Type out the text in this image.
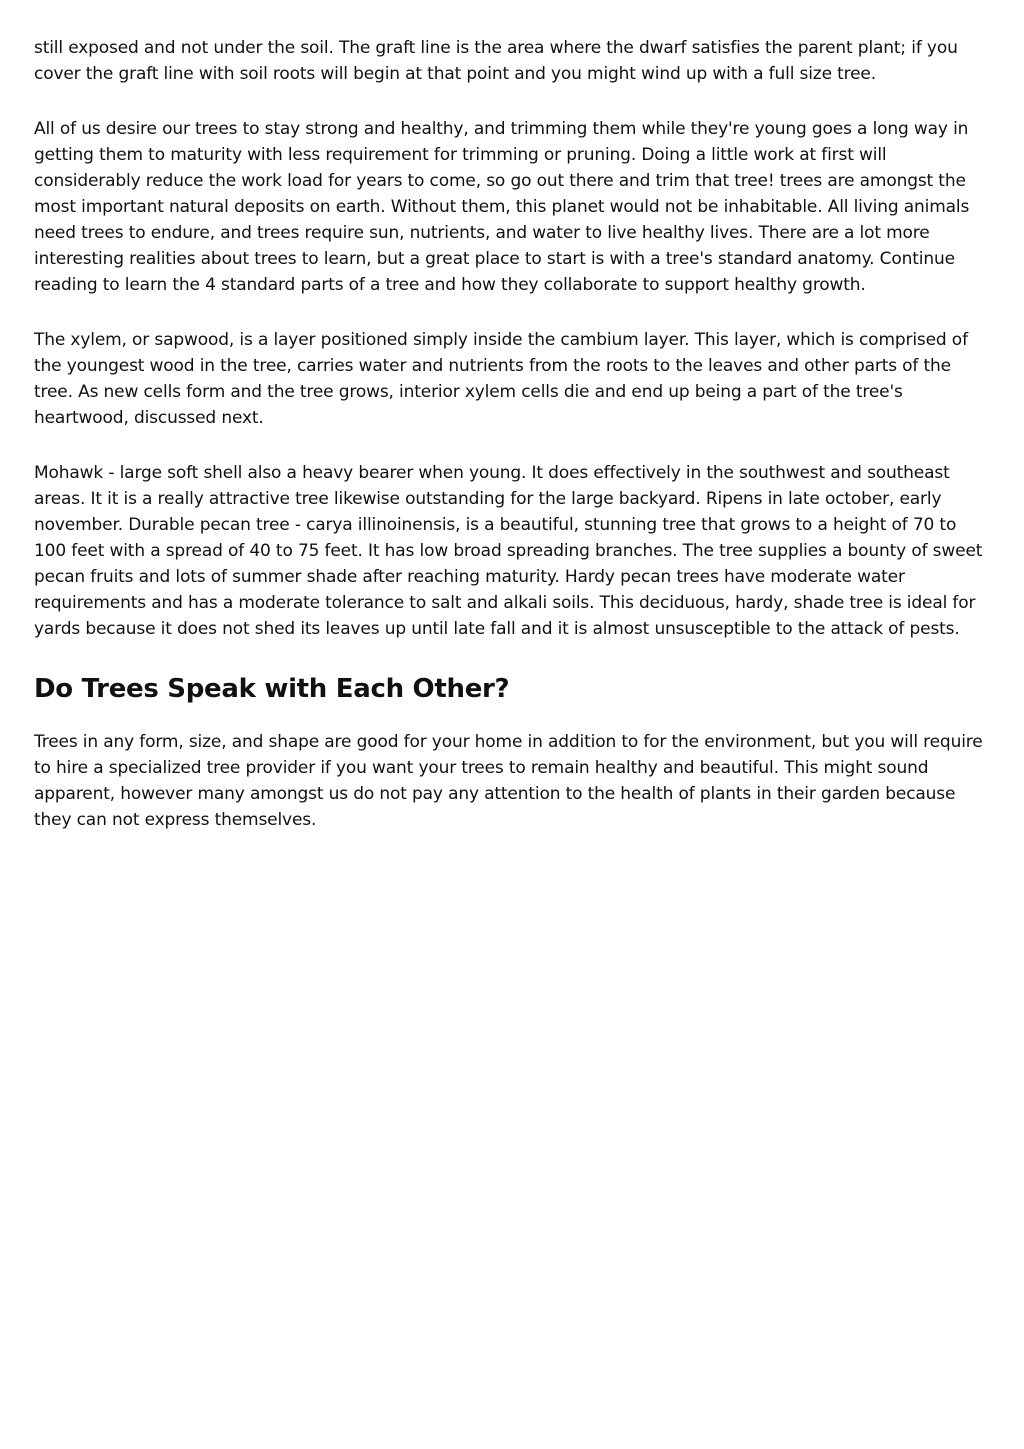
still exposed and not under the soil. The graft line is the area where the dwarf satisfies the parent plant; if you cover the graft line with soil roots will begin at that point and you might wind up with a full size tree.

All of us desire our trees to stay strong and healthy, and trimming them while they're young goes a long way in getting them to maturity with less requirement for trimming or pruning. Doing a little work at first will considerably reduce the work load for years to come, so go out there and trim that tree! trees are amongst the most important natural deposits on earth. Without them, this planet would not be inhabitable. All living animals need trees to endure, and trees require sun, nutrients, and water to live healthy lives. There are a lot more interesting realities about trees to learn, but a great place to start is with a tree's standard anatomy. Continue reading to learn the 4 standard parts of a tree and how they collaborate to support healthy growth.

The xylem, or sapwood, is a layer positioned simply inside the cambium layer. This layer, which is comprised of the youngest wood in the tree, carries water and nutrients from the roots to the leaves and other parts of the tree. As new cells form and the tree grows, interior xylem cells die and end up being a part of the tree's heartwood, discussed next.

Mohawk - large soft shell also a heavy bearer when young. It does effectively in the southwest and southeast areas. It it is a really attractive tree likewise outstanding for the large backyard. Ripens in late october, early november. Durable pecan tree - carya illinoinensis, is a beautiful, stunning tree that grows to a height of 70 to 100 feet with a spread of 40 to 75 feet. It has low broad spreading branches. The tree supplies a bounty of sweet pecan fruits and lots of summer shade after reaching maturity. Hardy pecan trees have moderate water requirements and has a moderate tolerance to salt and alkali soils. This deciduous, hardy, shade tree is ideal for yards because it does not shed its leaves up until late fall and it is almost unsusceptible to the attack of pests.

Do Trees Speak with Each Other?

Trees in any form, size, and shape are good for your home in addition to for the environment, but you will require to hire a specialized tree provider if you want your trees to remain healthy and beautiful. This might sound apparent, however many amongst us do not pay any attention to the health of plants in their garden because they can not express themselves.
